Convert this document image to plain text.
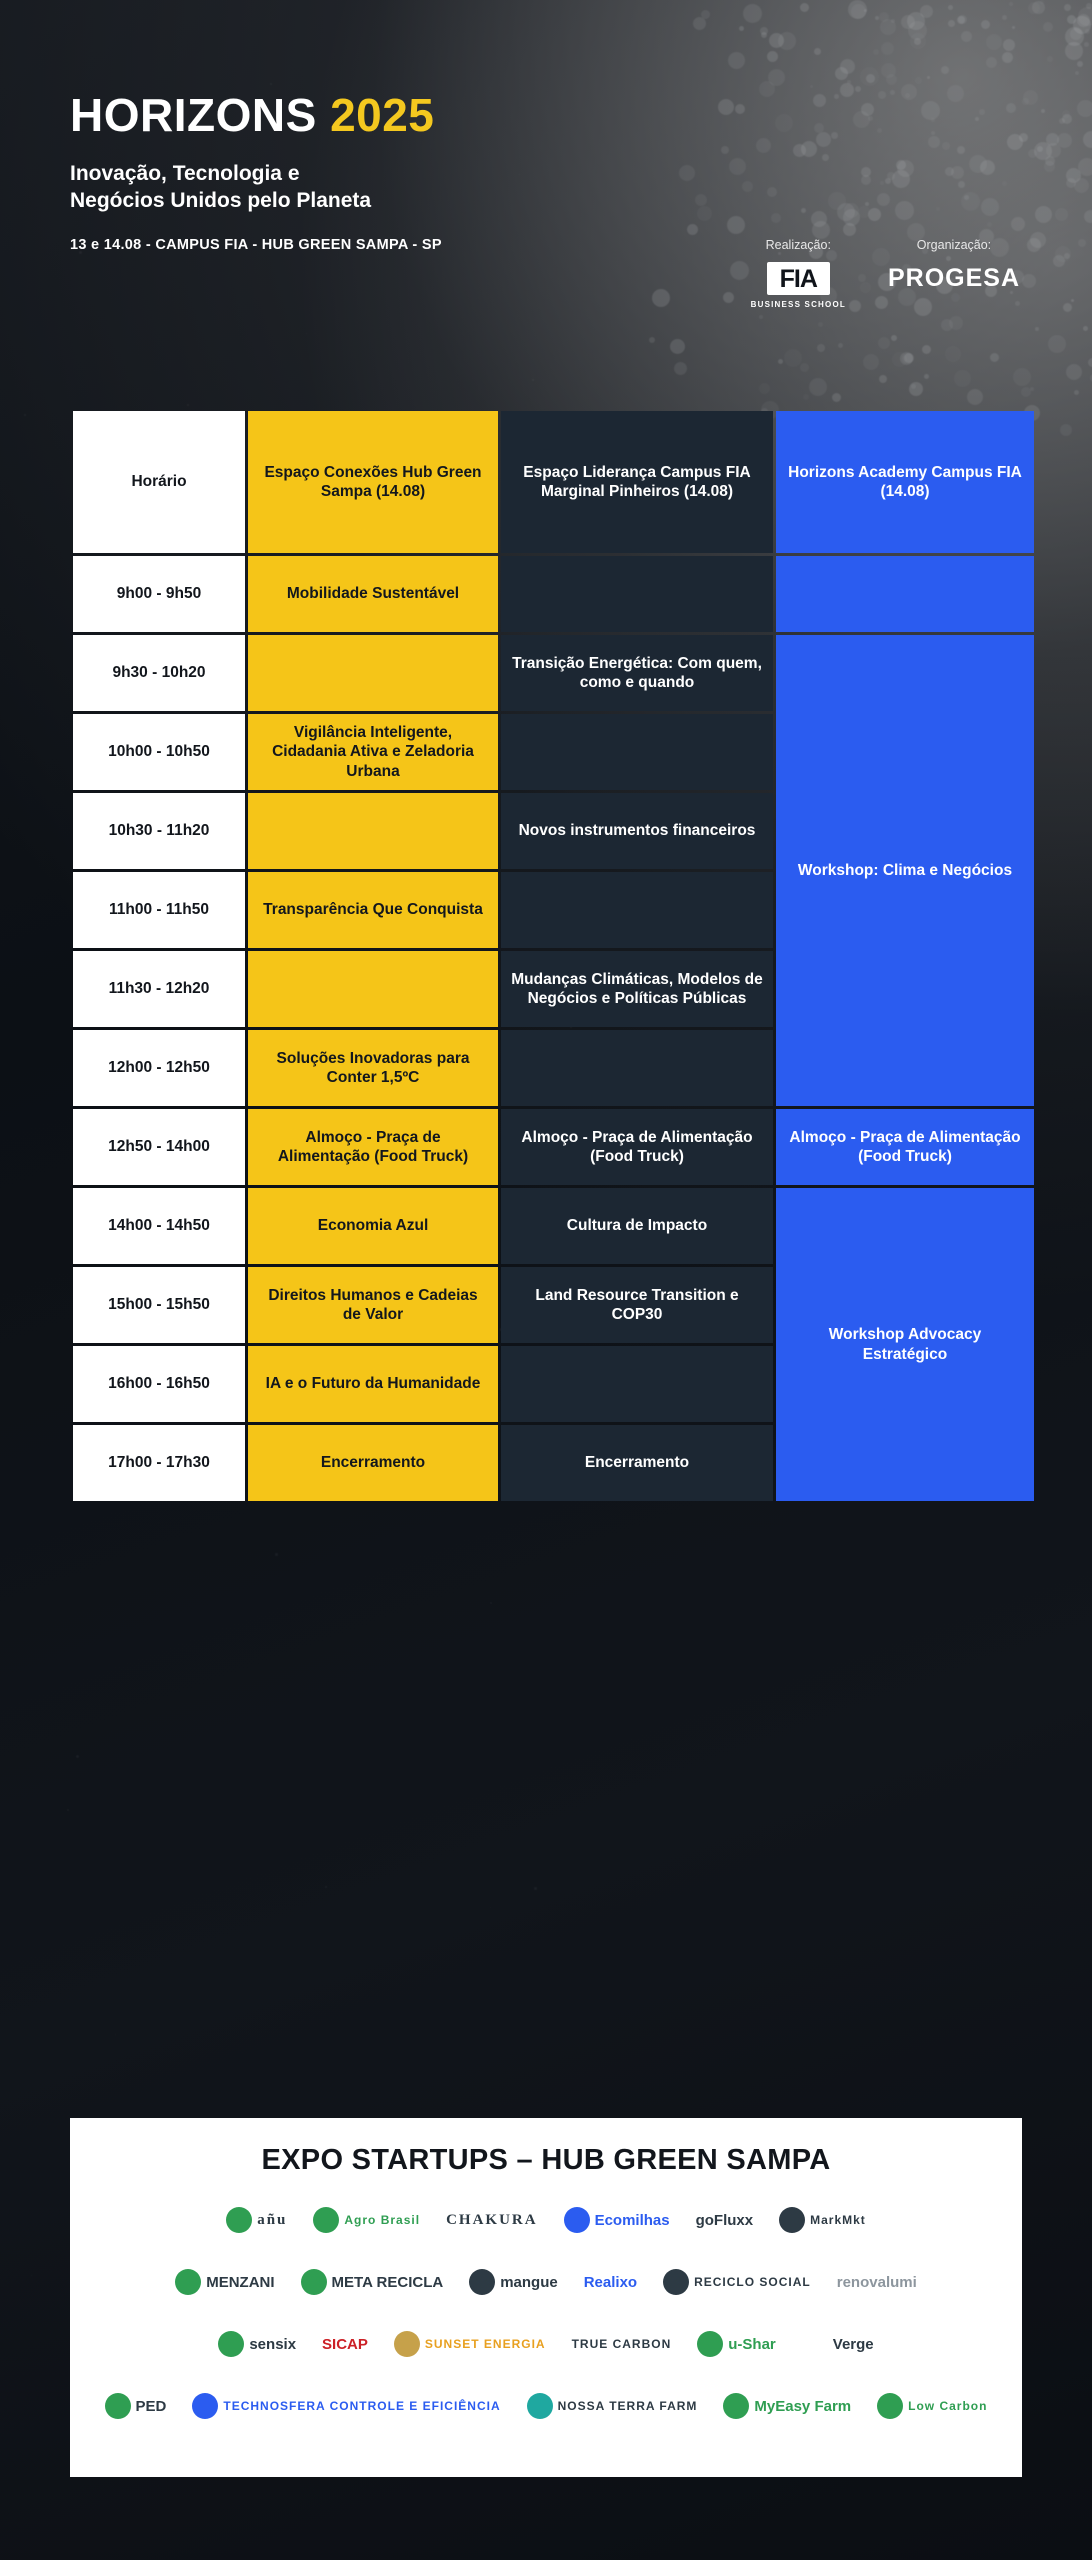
HORIZONS 2025
Inovação, Tecnologia e
Negócios Unidos pelo Planeta
13 e 14.08 - CAMPUS FIA - HUB GREEN SAMPA - SP	Realização:
FIA
BUSINESS SCHOOL
Organização:
PROGESA
Horário	Espaço Conexões Hub Green Sampa (14.08)	Espaço Liderança Campus FIA Marginal Pinheiros (14.08)	Horizons Academy Campus FIA (14.08)
9h00 - 9h50	Mobilidade Sustentável		
9h30 - 10h20		Transição Energética: Com quem, como e quando	Workshop: Clima e Negócios
10h00 - 10h50	Vigilância Inteligente, Cidadania Ativa e Zeladoria Urbana		
10h30 - 11h20		Novos instrumentos financeiros	
11h00 - 11h50	Transparência Que Conquista		
11h30 - 12h20		Mudanças Climáticas, Modelos de Negócios e Políticas Públicas	
12h00 - 12h50	Soluções Inovadoras para Conter 1,5ºC		
12h50 - 14h00	Almoço - Praça de Alimentação (Food Truck)	Almoço - Praça de Alimentação (Food Truck)	Almoço - Praça de Alimentação (Food Truck)
14h00 - 14h50	Economia Azul	Cultura de Impacto	Workshop Advocacy Estratégico
15h00 - 15h50	Direitos Humanos e Cadeias de Valor	Land Resource Transition e COP30	
16h00 - 16h50	IA e o Futuro da Humanidade		
17h00 - 17h30	Encerramento	Encerramento	
EXPO STARTUPS – HUB GREEN SAMPA
añu	Agro Brasil CHAKURA	Ecomilhas goFluxx	MarkMkt
MENZANI	META RECICLA	mangue Realixo	RECICLO SOCIAL renovalumi
sensix SICAP	SUNSET ENERGIA TRUE CARBON	u-Shar	Verge
PED	TECHNOSFERA CONTROLE E EFICIÊNCIA	NOSSA TERRA FARM	MyEasy Farm	Low Carbon
